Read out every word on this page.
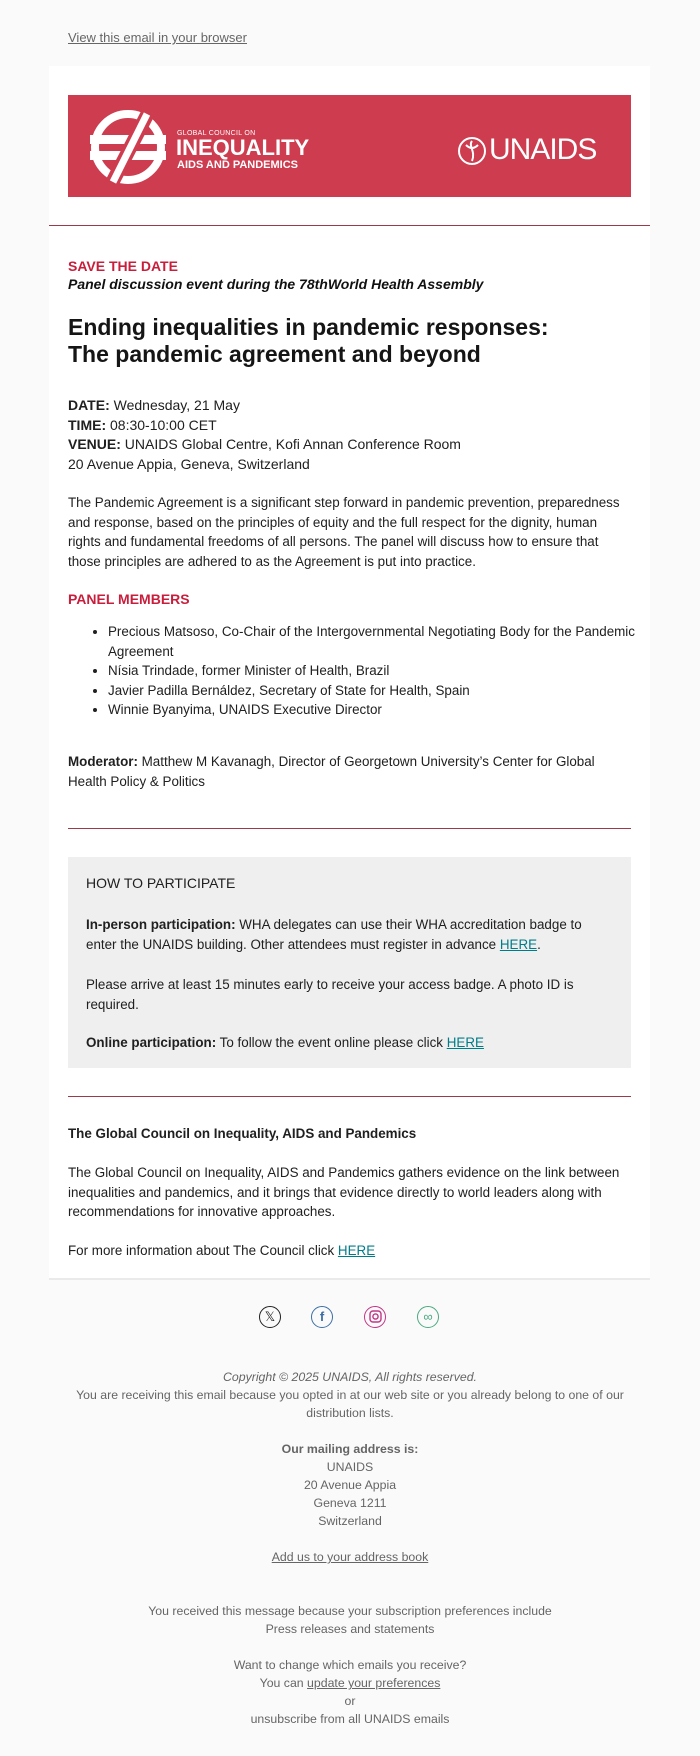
View this email in your browser
GLOBAL COUNCIL ON
INEQUALITY
AIDS AND PANDEMICS	UNAIDS
SAVE THE DATE
Panel discussion event during the 78thWorld Health Assembly
Ending inequalities in pandemic responses:
The pandemic agreement and beyond
DATE: Wednesday, 21 May
TIME: 08:30-10:00 CET
VENUE: UNAIDS Global Centre, Kofi Annan Conference Room
20 Avenue Appia, Geneva, Switzerland
The Pandemic Agreement is a significant step forward in pandemic prevention, preparedness and response, based on the principles of equity and the full respect for the dignity, human rights and fundamental freedoms of all persons. The panel will discuss how to ensure that those principles are adhered to as the Agreement is put into practice.
PANEL MEMBERS
• Precious Matsoso, Co-Chair of the Intergovernmental Negotiating Body for the Pandemic Agreement
• Nísia Trindade, former Minister of Health, Brazil
• Javier Padilla Bernáldez, Secretary of State for Health, Spain
• Winnie Byanyima, UNAIDS Executive Director
Moderator: Matthew M Kavanagh, Director of Georgetown University’s Center for Global Health Policy & Politics
HOW TO PARTICIPATE
In-person participation: WHA delegates can use their WHA accreditation badge to enter the UNAIDS building. Other attendees must register in advance HERE.
Please arrive at least 15 minutes early to receive your access badge. A photo ID is required.
Online participation: To follow the event online please click HERE
The Global Council on Inequality, AIDS and Pandemics
The Global Council on Inequality, AIDS and Pandemics gathers evidence on the link between inequalities and pandemics, and it brings that evidence directly to world leaders along with recommendations for innovative approaches.
For more information about The Council click HERE
𝕏	f	∞
Copyright © 2025 UNAIDS, All rights reserved.
You are receiving this email because you opted in at our web site or you already belong to one of our
distribution lists.
Our mailing address is:
UNAIDS
20 Avenue Appia
Geneva 1211
Switzerland
Add us to your address book
You received this message because your subscription preferences include
Press releases and statements
Want to change which emails you receive?
You can update your preferences
or
unsubscribe from all UNAIDS emails
